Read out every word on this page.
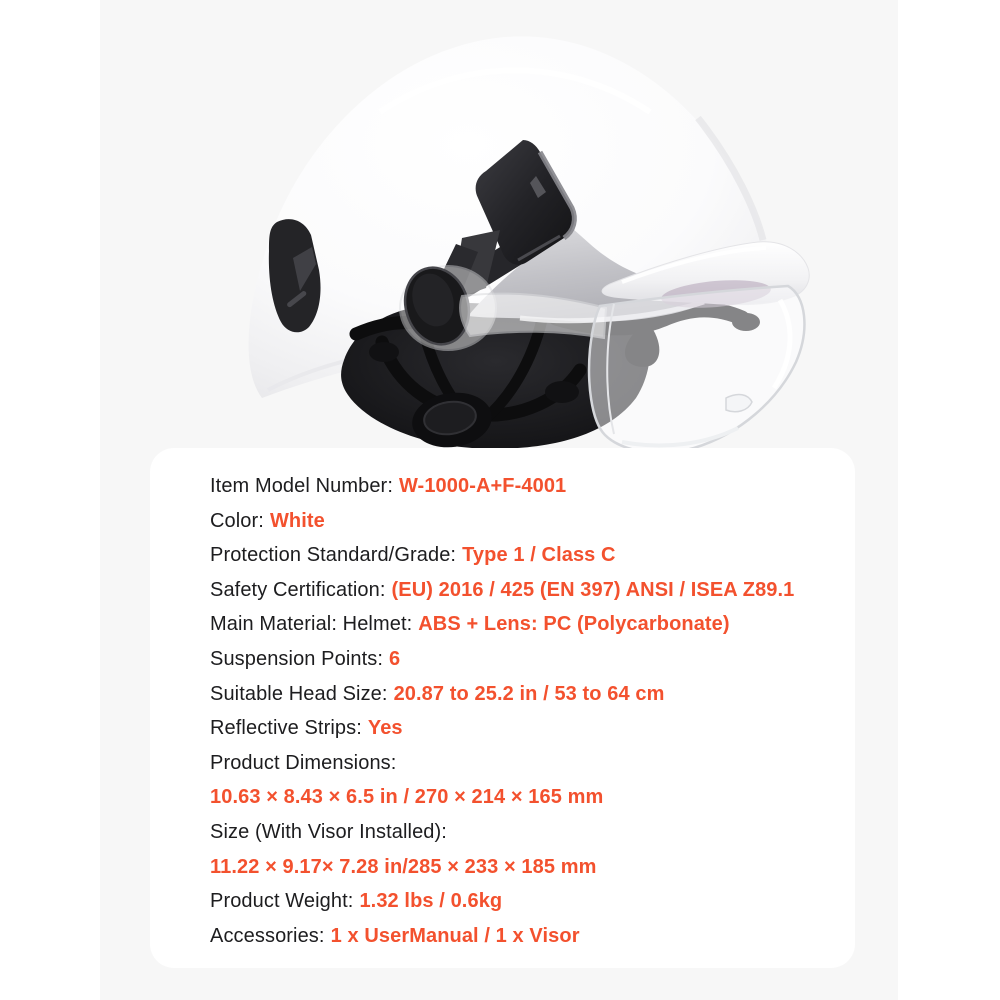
Item Model Number: W-1000-A+F-4001
Color: White
Protection Standard/Grade: Type 1 / Class C
Safety Certification: (EU) 2016 / 425 (EN 397) ANSI / ISEA Z89.1
Main Material: Helmet: ABS + Lens: PC (Polycarbonate)
Suspension Points: 6
Suitable Head Size: 20.87 to 25.2 in / 53 to 64 cm
Reflective Strips: Yes
Product Dimensions:
10.63 × 8.43 × 6.5 in / 270 × 214 × 165 mm
Size (With Visor Installed):
11.22 × 9.17× 7.28 in/285 × 233 × 185 mm
Product Weight: 1.32 lbs / 0.6kg
Accessories: 1 x UserManual / 1 x Visor
